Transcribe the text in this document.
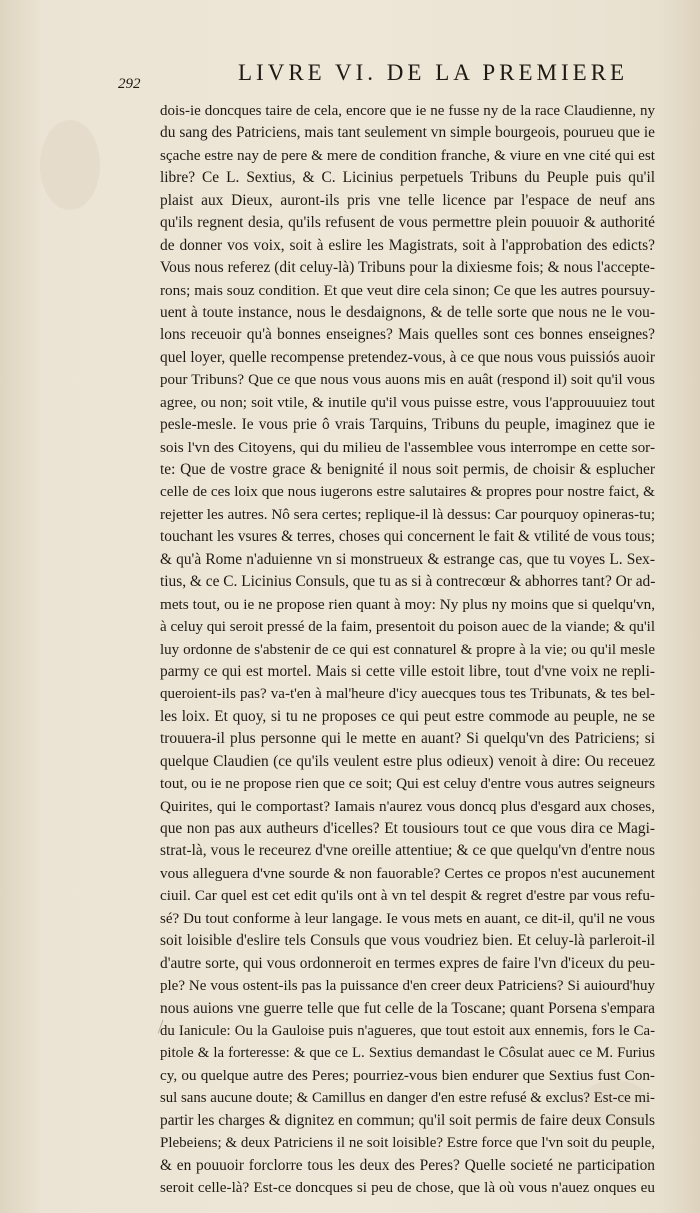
292	LIVRE VI. DE LA PREMIERE
dois-ie doncques taire de cela, encore que ie ne fusse ny de la race Claudienne, ny
du sang des Patriciens, mais tant seulement vn simple bourgeois, pourueu que ie
sçache estre nay de pere & mere de condition franche, & viure en vne cité qui est
libre? Ce L. Sextius, & C. Licinius perpetuels Tribuns du Peuple puis qu'il
plaist aux Dieux, auront-ils pris vne telle licence par l'espace de neuf ans
qu'ils regnent desia, qu'ils refusent de vous permettre plein pouuoir & authorité
de donner vos voix, soit à eslire les Magistrats, soit à l'approbation des edicts?
Vous nous referez (dit celuy-là) Tribuns pour la dixiesme fois; & nous l'accepte-
rons; mais souz condition. Et que veut dire cela sinon; Ce que les autres poursuy-
uent à toute instance, nous le desdaignons, & de telle sorte que nous ne le vou-
lons receuoir qu'à bonnes enseignes? Mais quelles sont ces bonnes enseignes?
quel loyer, quelle recompense pretendez-vous, à ce que nous vous puissiós auoir
pour Tribuns? Que ce que nous vous auons mis en auât (respond il) soit qu'il vous
agree, ou non; soit vtile, & inutile qu'il vous puisse estre, vous l'approuuuiez tout
pesle-mesle. Ie vous prie ô vrais Tarquins, Tribuns du peuple, imaginez que ie
sois l'vn des Citoyens, qui du milieu de l'assemblee vous interrompe en cette sor-
te: Que de vostre grace & benignité il nous soit permis, de choisir & esplucher
celle de ces loix que nous iugerons estre salutaires & propres pour nostre faict, &
rejetter les autres. Nô sera certes; replique-il là dessus: Car pourquoy opineras-tu;
touchant les vsures & terres, choses qui concernent le fait & vtilité de vous tous;
& qu'à Rome n'aduienne vn si monstrueux & estrange cas, que tu voyes L. Sex-
tius, & ce C. Licinius Consuls, que tu as si à contrecœur & abhorres tant? Or ad-
mets tout, ou ie ne propose rien quant à moy: Ny plus ny moins que si quelqu'vn,
à celuy qui seroit pressé de la faim, presentoit du poison auec de la viande; & qu'il
luy ordonne de s'abstenir de ce qui est connaturel & propre à la vie; ou qu'il mesle
parmy ce qui est mortel. Mais si cette ville estoit libre, tout d'vne voix ne repli-
queroient-ils pas? va-t'en à mal'heure d'icy auecques tous tes Tribunats, & tes bel-
les loix. Et quoy, si tu ne proposes ce qui peut estre commode au peuple, ne se
trouuera-il plus personne qui le mette en auant? Si quelqu'vn des Patriciens; si
quelque Claudien (ce qu'ils veulent estre plus odieux) venoit à dire: Ou receuez
tout, ou ie ne propose rien que ce soit; Qui est celuy d'entre vous autres seigneurs
Quirites, qui le comportast? Iamais n'aurez vous doncq plus d'esgard aux choses,
que non pas aux autheurs d'icelles? Et tousiours tout ce que vous dira ce Magi-
strat-là, vous le receurez d'vne oreille attentiue; & ce que quelqu'vn d'entre nous
vous alleguera d'vne sourde & non fauorable? Certes ce propos n'est aucunement
ciuil. Car quel est cet edit qu'ils ont à vn tel despit & regret d'estre par vous refu-
sé? Du tout conforme à leur langage. Ie vous mets en auant, ce dit-il, qu'il ne vous
soit loisible d'eslire tels Consuls que vous voudriez bien. Et celuy-là parleroit-il
d'autre sorte, qui vous ordonneroit en termes expres de faire l'vn d'iceux du peu-
ple? Ne vous ostent-ils pas la puissance d'en creer deux Patriciens? Si auiourd'huy
nous auions vne guerre telle que fut celle de la Toscane; quant Porsena s'empara
du Ianicule: Ou la Gauloise puis n'agueres, que tout estoit aux ennemis, fors le Ca-
pitole & la forteresse: & que ce L. Sextius demandast le Côsulat auec ce M. Furius
cy, ou quelque autre des Peres; pourriez-vous bien endurer que Sextius fust Con-
sul sans aucune doute; & Camillus en danger d'en estre refusé & exclus? Est-ce mi-
partir les charges & dignitez en commun; qu'il soit permis de faire deux Consuls
Plebeiens; & deux Patriciens il ne soit loisible? Estre force que l'vn soit du peuple,
& en pouuoir forclorre tous les deux des Peres? Quelle societé ne participation
seroit celle-là? Est-ce doncques si peu de chose, que là où vous n'auez onques eu
